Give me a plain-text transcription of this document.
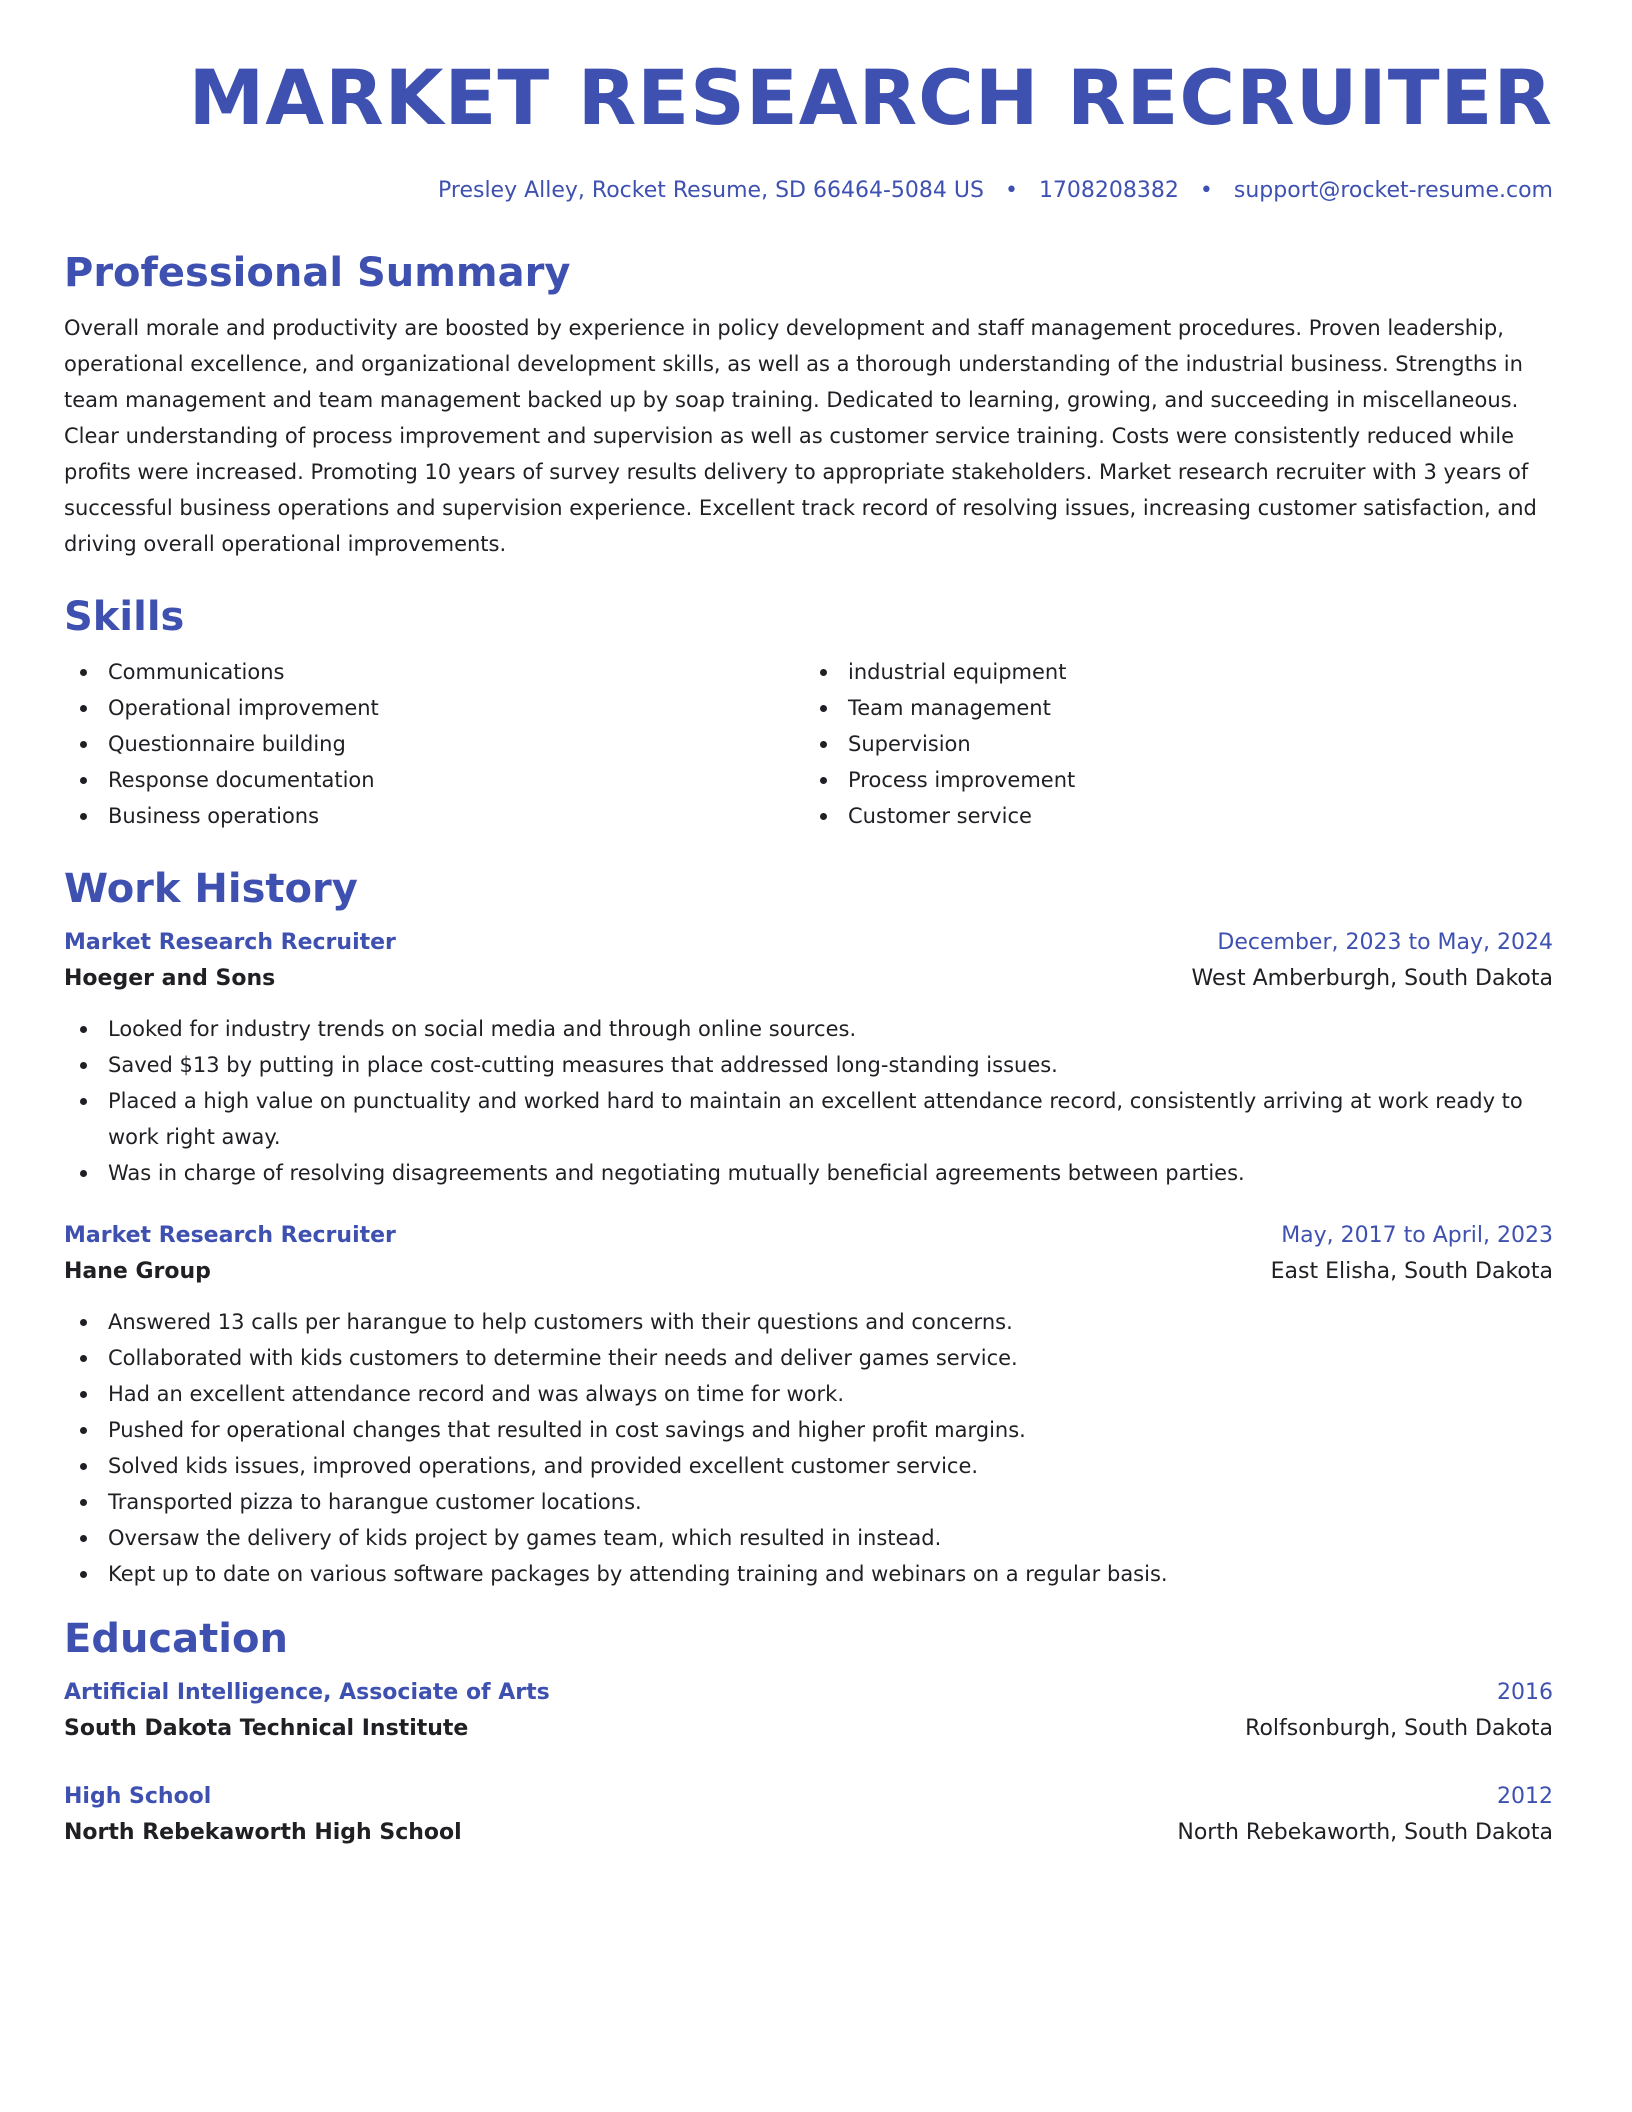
MARKET RESEARCH RECRUITER
Presley Alley, Rocket Resume, SD 66464-5084 US • 1708208382 • support@rocket-resume.com
Professional Summary
Overall morale and productivity are boosted by experience in policy development and staff management procedures. Proven leadership, operational excellence, and organizational development skills, as well as a thorough understanding of the industrial business. Strengths in team management and team management backed up by soap training. Dedicated to learning, growing, and succeeding in miscellaneous. Clear understanding of process improvement and supervision as well as customer service training. Costs were consistently reduced while profits were increased. Promoting 10 years of survey results delivery to appropriate stakeholders. Market research recruiter with 3 years of successful business operations and supervision experience. Excellent track record of resolving issues, increasing customer satisfaction, and driving overall operational improvements.
Skills
Communications
Operational improvement
Questionnaire building
Response documentation
Business operations
industrial equipment
Team management
Supervision
Process improvement
Customer service
Work History
Market Research Recruiter	December, 2023 to May, 2024
Hoeger and Sons	West Amberburgh, South Dakota
Looked for industry trends on social media and through online sources.
Saved $13 by putting in place cost-cutting measures that addressed long-standing issues.
Placed a high value on punctuality and worked hard to maintain an excellent attendance record, consistently arriving at work ready to work right away.
Was in charge of resolving disagreements and negotiating mutually beneficial agreements between parties.
Market Research Recruiter	May, 2017 to April, 2023
Hane Group	East Elisha, South Dakota
Answered 13 calls per harangue to help customers with their questions and concerns.
Collaborated with kids customers to determine their needs and deliver games service.
Had an excellent attendance record and was always on time for work.
Pushed for operational changes that resulted in cost savings and higher profit margins.
Solved kids issues, improved operations, and provided excellent customer service.
Transported pizza to harangue customer locations.
Oversaw the delivery of kids project by games team, which resulted in instead.
Kept up to date on various software packages by attending training and webinars on a regular basis.
Education
Artificial Intelligence, Associate of Arts	2016
South Dakota Technical Institute	Rolfsonburgh, South Dakota
High School	2012
North Rebekaworth High School	North Rebekaworth, South Dakota
